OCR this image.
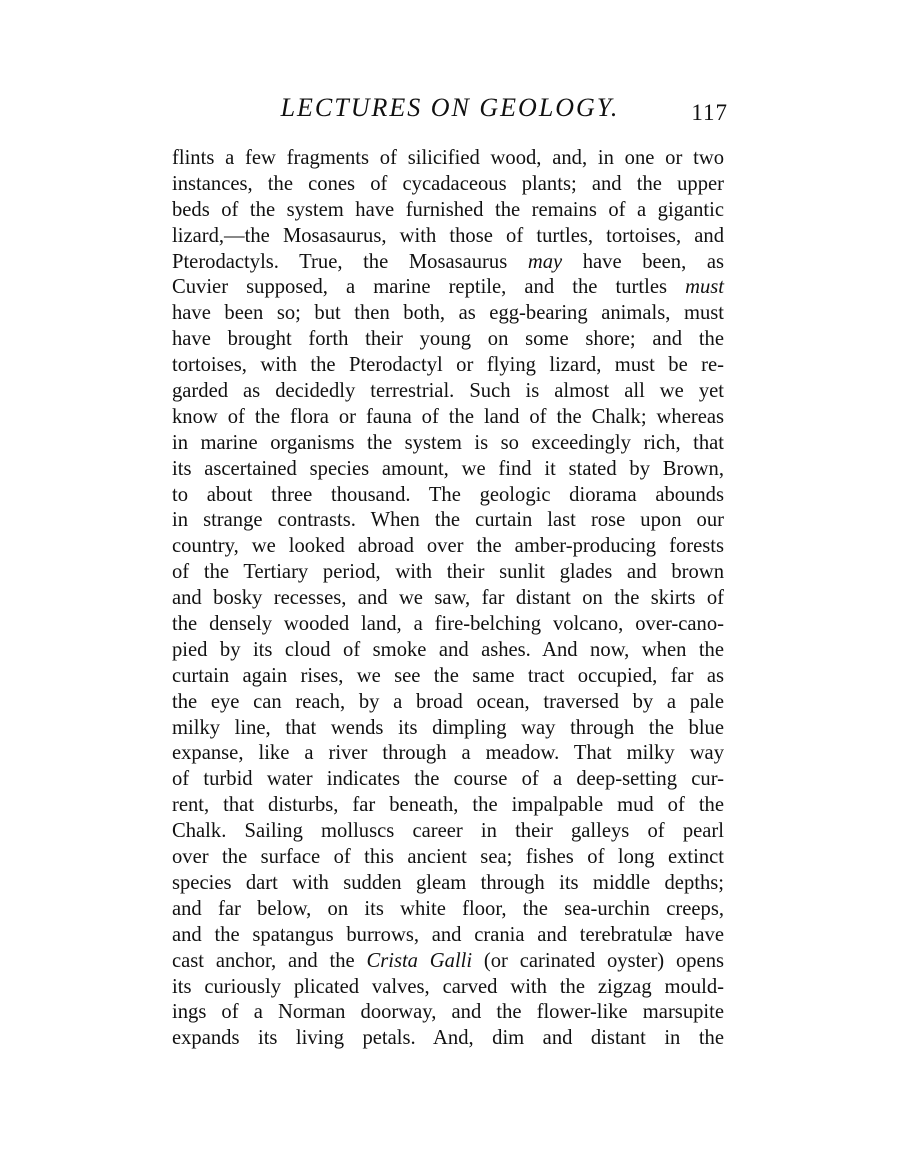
LECTURES ON GEOLOGY.	117
flints a few fragments of silicified wood, and, in one or two
instances, the cones of cycadaceous plants; and the upper
beds of the system have furnished the remains of a gigantic
lizard,—the Mosasaurus, with those of turtles, tortoises, and
Pterodactyls. True, the Mosasaurus may have been, as
Cuvier supposed, a marine reptile, and the turtles must
have been so; but then both, as egg-bearing animals, must
have brought forth their young on some shore; and the
tortoises, with the Pterodactyl or flying lizard, must be re-
garded as decidedly terrestrial. Such is almost all we yet
know of the flora or fauna of the land of the Chalk; whereas
in marine organisms the system is so exceedingly rich, that
its ascertained species amount, we find it stated by Brown,
to about three thousand. The geologic diorama abounds
in strange contrasts. When the curtain last rose upon our
country, we looked abroad over the amber-producing forests
of the Tertiary period, with their sunlit glades and brown
and bosky recesses, and we saw, far distant on the skirts of
the densely wooded land, a fire-belching volcano, over-cano-
pied by its cloud of smoke and ashes. And now, when the
curtain again rises, we see the same tract occupied, far as
the eye can reach, by a broad ocean, traversed by a pale
milky line, that wends its dimpling way through the blue
expanse, like a river through a meadow. That milky way
of turbid water indicates the course of a deep-setting cur-
rent, that disturbs, far beneath, the impalpable mud of the
Chalk. Sailing molluscs career in their galleys of pearl
over the surface of this ancient sea; fishes of long extinct
species dart with sudden gleam through its middle depths;
and far below, on its white floor, the sea-urchin creeps,
and the spatangus burrows, and crania and terebratulæ have
cast anchor, and the Crista Galli (or carinated oyster) opens
its curiously plicated valves, carved with the zigzag mould-
ings of a Norman doorway, and the flower-like marsupite
expands its living petals. And, dim and distant in the
